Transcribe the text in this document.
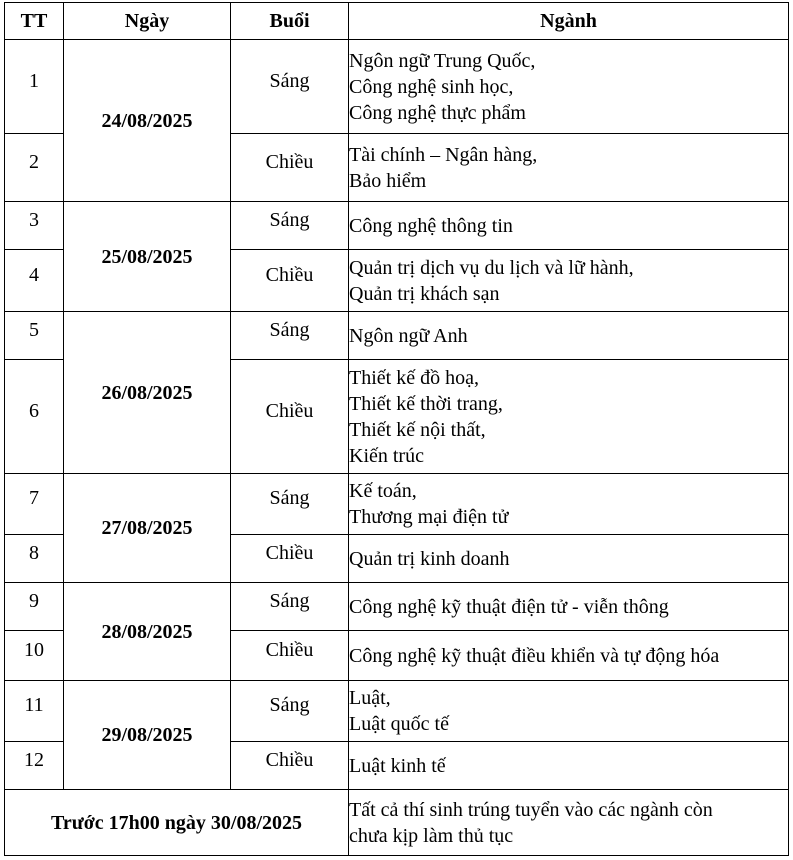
TT	Ngày	Buổi	Ngành
1	24/08/2025	Sáng	Ngôn ngữ Trung Quốc,
Công nghệ sinh học,
Công nghệ thực phẩm

2		Chiều	Tài chính – Ngân hàng,
Bảo hiểm

3	25/08/2025	Sáng	Công nghệ thông tin

4		Chiều	Quản trị dịch vụ du lịch và lữ hành,
Quản trị khách sạn

5	26/08/2025	Sáng	Ngôn ngữ Anh

6		Chiều	Thiết kế đồ hoạ,
Thiết kế thời trang,
Thiết kế nội thất,
Kiến trúc

7	27/08/2025	Sáng	Kế toán,
Thương mại điện tử

8		Chiều	Quản trị kinh doanh

9	28/08/2025	Sáng	Công nghệ kỹ thuật điện tử - viễn thông

10		Chiều	Công nghệ kỹ thuật điều khiển và tự động hóa

11	29/08/2025	Sáng	Luật,
Luật quốc tế

12		Chiều	Luật kinh tế

Trước 17h00 ngày 30/08/2025			Tất cả thí sinh trúng tuyển vào các ngành còn
chưa kịp làm thủ tục
